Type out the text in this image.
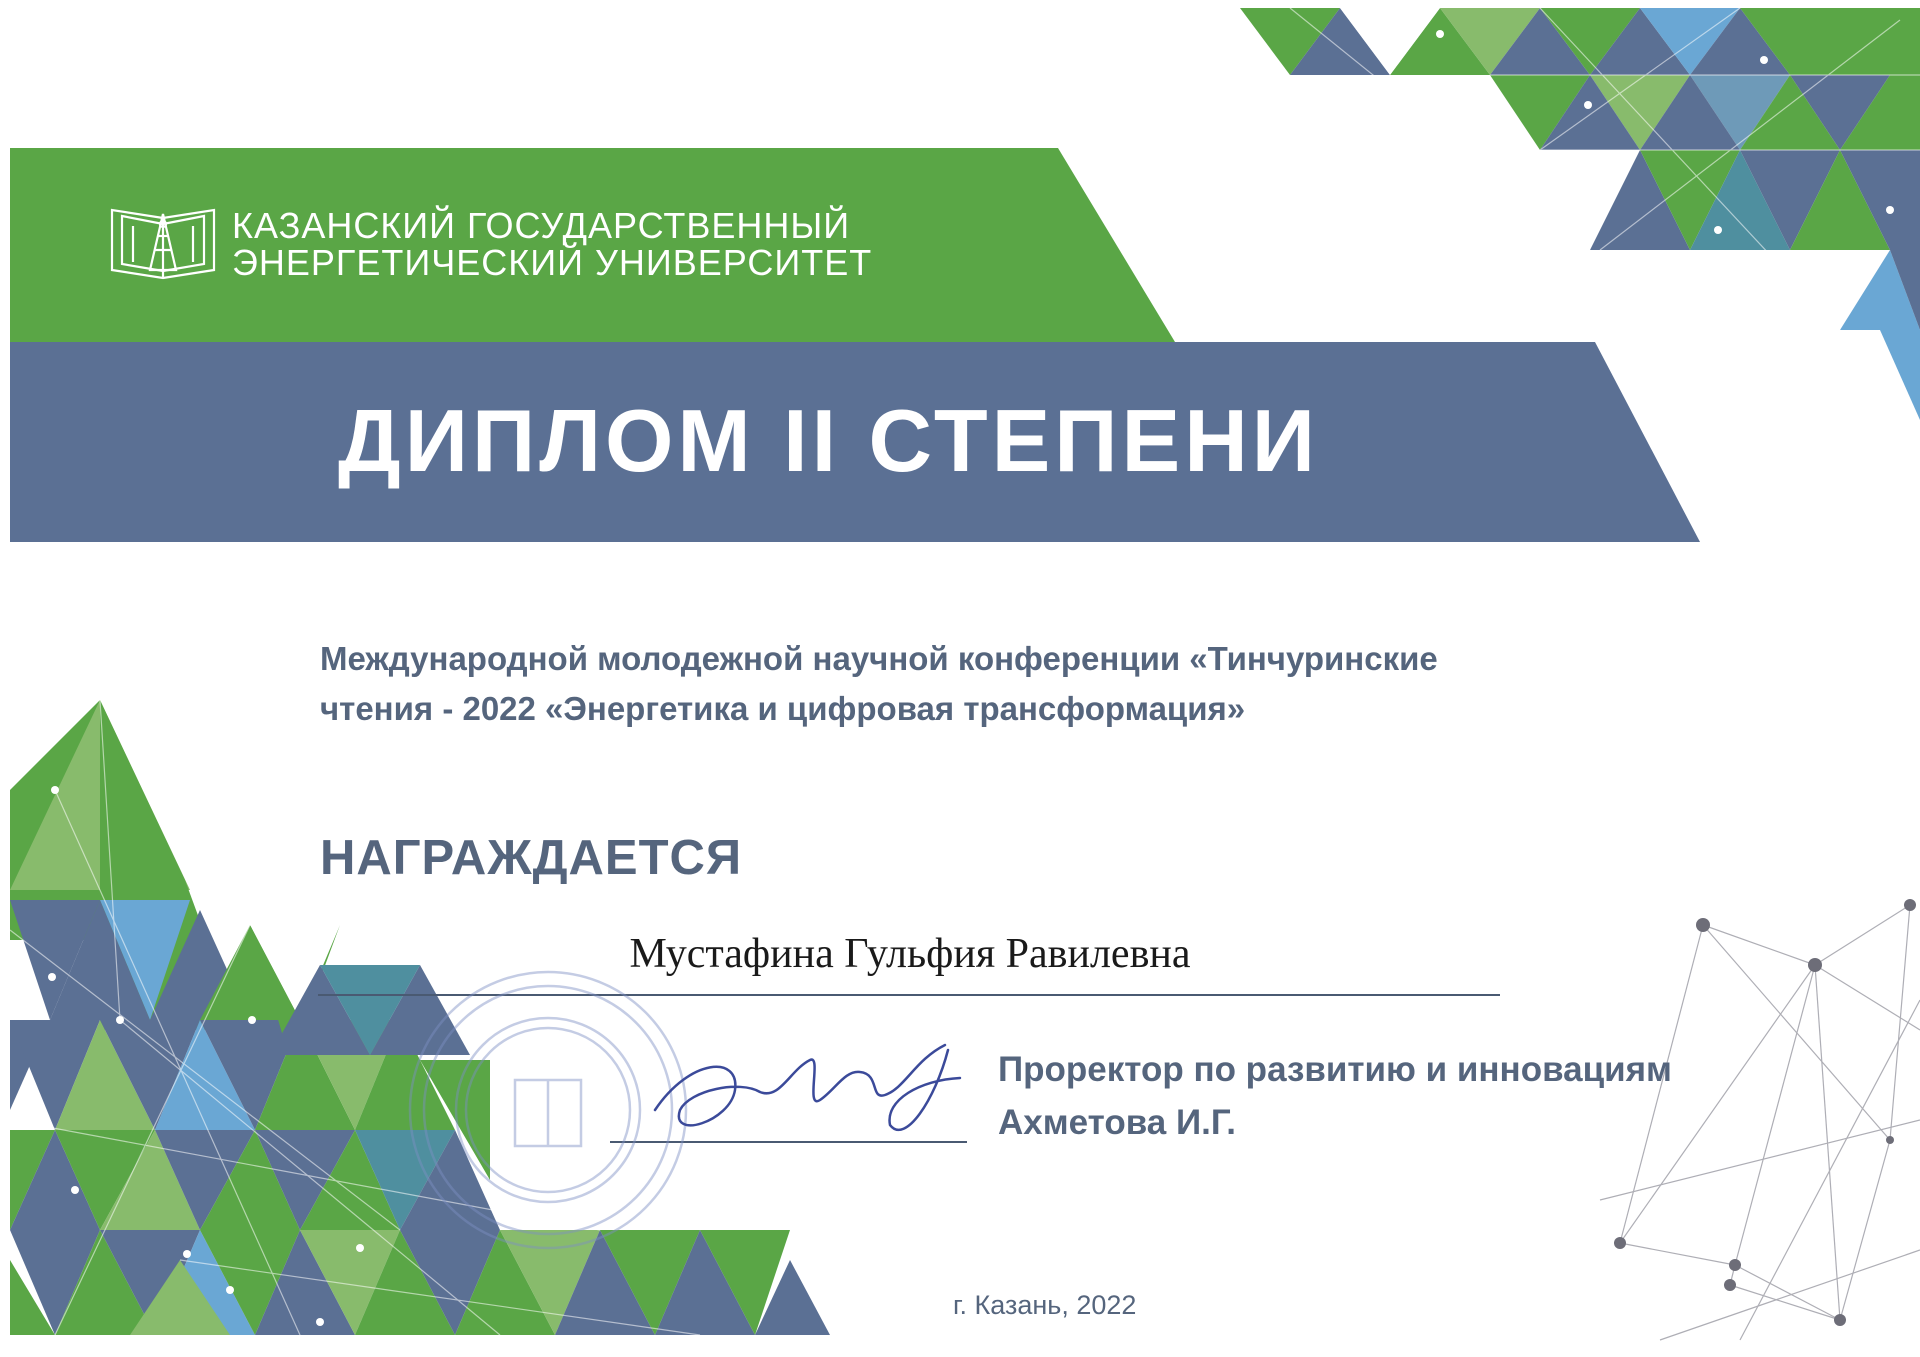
КАЗАНСКИЙ ГОСУДАРСТВЕННЫЙ
ЭНЕРГЕТИЧЕСКИЙ УНИВЕРСИТЕТ
ДИПЛОМ II СТЕПЕНИ
Международной молодежной научной конференции «Тинчуринские
чтения - 2022 «Энергетика и цифровая трансформация»
НАГРАЖДАЕТСЯ
Мустафина Гульфия Равилевна
Проректор по развитию и инновациям
Ахметова И.Г.
г. Казань, 2022
